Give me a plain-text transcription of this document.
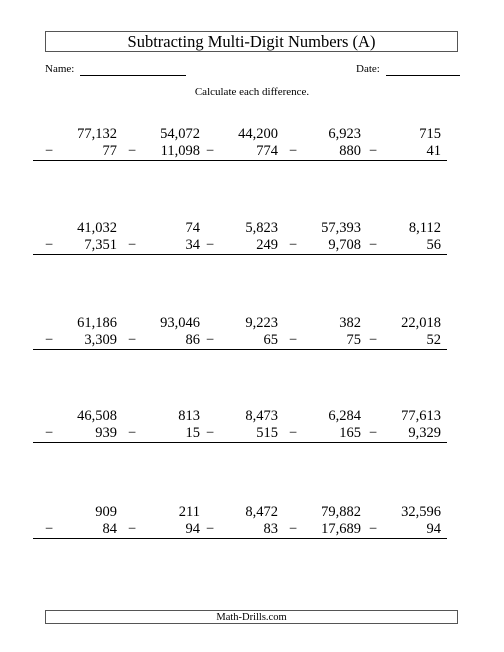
Subtracting Multi-Digit Numbers (A)
Name:	Date:
Calculate each difference.
77,132
−	77
54,072
− 11,098
44,200
−	774
6,923
−	880
715
−	41
41,032
− 7,351
74
−	34
5,823
−	249
57,393
− 9,708
8,112
−	56
61,186
− 3,309
93,046
−	86
9,223
−	65
382
−	75
22,018
−	52
46,508
−	939
813
−	15
8,473
−	515
6,284
−	165
77,613
− 9,329
909
−	84
211
−	94
8,472
−	83
79,882
− 17,689
32,596
−	94
Math-Drills.com
